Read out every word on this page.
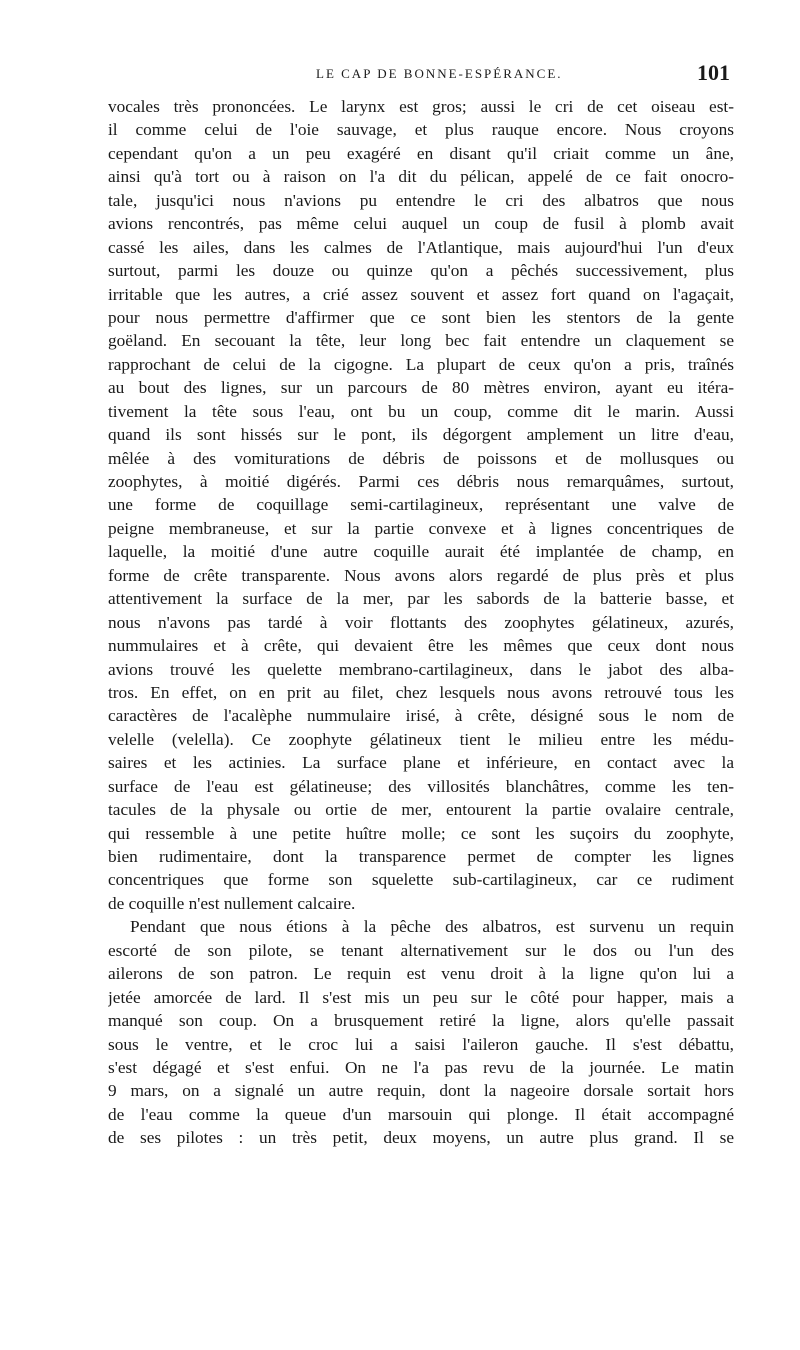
LE CAP DE BONNE-ESPÉRANCE.	101
vocales très prononcées. Le larynx est gros; aussi le cri de cet oiseau est-
il comme celui de l'oie sauvage, et plus rauque encore. Nous croyons
cependant qu'on a un peu exagéré en disant qu'il criait comme un âne,
ainsi qu'à tort ou à raison on l'a dit du pélican, appelé de ce fait onocro-
tale, jusqu'ici nous n'avions pu entendre le cri des albatros que nous
avions rencontrés, pas même celui auquel un coup de fusil à plomb avait
cassé les ailes, dans les calmes de l'Atlantique, mais aujourd'hui l'un d'eux
surtout, parmi les douze ou quinze qu'on a pêchés successivement, plus
irritable que les autres, a crié assez souvent et assez fort quand on l'agaçait,
pour nous permettre d'affirmer que ce sont bien les stentors de la gente
goëland. En secouant la tête, leur long bec fait entendre un claquement se
rapprochant de celui de la cigogne. La plupart de ceux qu'on a pris, traînés
au bout des lignes, sur un parcours de 80 mètres environ, ayant eu itéra-
tivement la tête sous l'eau, ont bu un coup, comme dit le marin. Aussi
quand ils sont hissés sur le pont, ils dégorgent amplement un litre d'eau,
mêlée à des vomiturations de débris de poissons et de mollusques ou
zoophytes, à moitié digérés. Parmi ces débris nous remarquâmes, surtout,
une forme de coquillage semi-cartilagineux, représentant une valve de
peigne membraneuse, et sur la partie convexe et à lignes concentriques de
laquelle, la moitié d'une autre coquille aurait été implantée de champ, en
forme de crête transparente. Nous avons alors regardé de plus près et plus
attentivement la surface de la mer, par les sabords de la batterie basse, et
nous n'avons pas tardé à voir flottants des zoophytes gélatineux, azurés,
nummulaires et à crête, qui devaient être les mêmes que ceux dont nous
avions trouvé les quelette membrano-cartilagineux, dans le jabot des alba-
tros. En effet, on en prit au filet, chez lesquels nous avons retrouvé tous les
caractères de l'acalèphe nummulaire irisé, à crête, désigné sous le nom de
velelle (velella). Ce zoophyte gélatineux tient le milieu entre les médu-
saires et les actinies. La surface plane et inférieure, en contact avec la
surface de l'eau est gélatineuse; des villosités blanchâtres, comme les ten-
tacules de la physale ou ortie de mer, entourent la partie ovalaire centrale,
qui ressemble à une petite huître molle; ce sont les suçoirs du zoophyte,
bien rudimentaire, dont la transparence permet de compter les lignes
concentriques que forme son squelette sub-cartilagineux, car ce rudiment
de coquille n'est nullement calcaire.
Pendant que nous étions à la pêche des albatros, est survenu un requin
escorté de son pilote, se tenant alternativement sur le dos ou l'un des
ailerons de son patron. Le requin est venu droit à la ligne qu'on lui a
jetée amorcée de lard. Il s'est mis un peu sur le côté pour happer, mais a
manqué son coup. On a brusquement retiré la ligne, alors qu'elle passait
sous le ventre, et le croc lui a saisi l'aileron gauche. Il s'est débattu,
s'est dégagé et s'est enfui. On ne l'a pas revu de la journée. Le matin
9 mars, on a signalé un autre requin, dont la nageoire dorsale sortait hors
de l'eau comme la queue d'un marsouin qui plonge. Il était accompagné
de ses pilotes : un très petit, deux moyens, un autre plus grand. Il se
